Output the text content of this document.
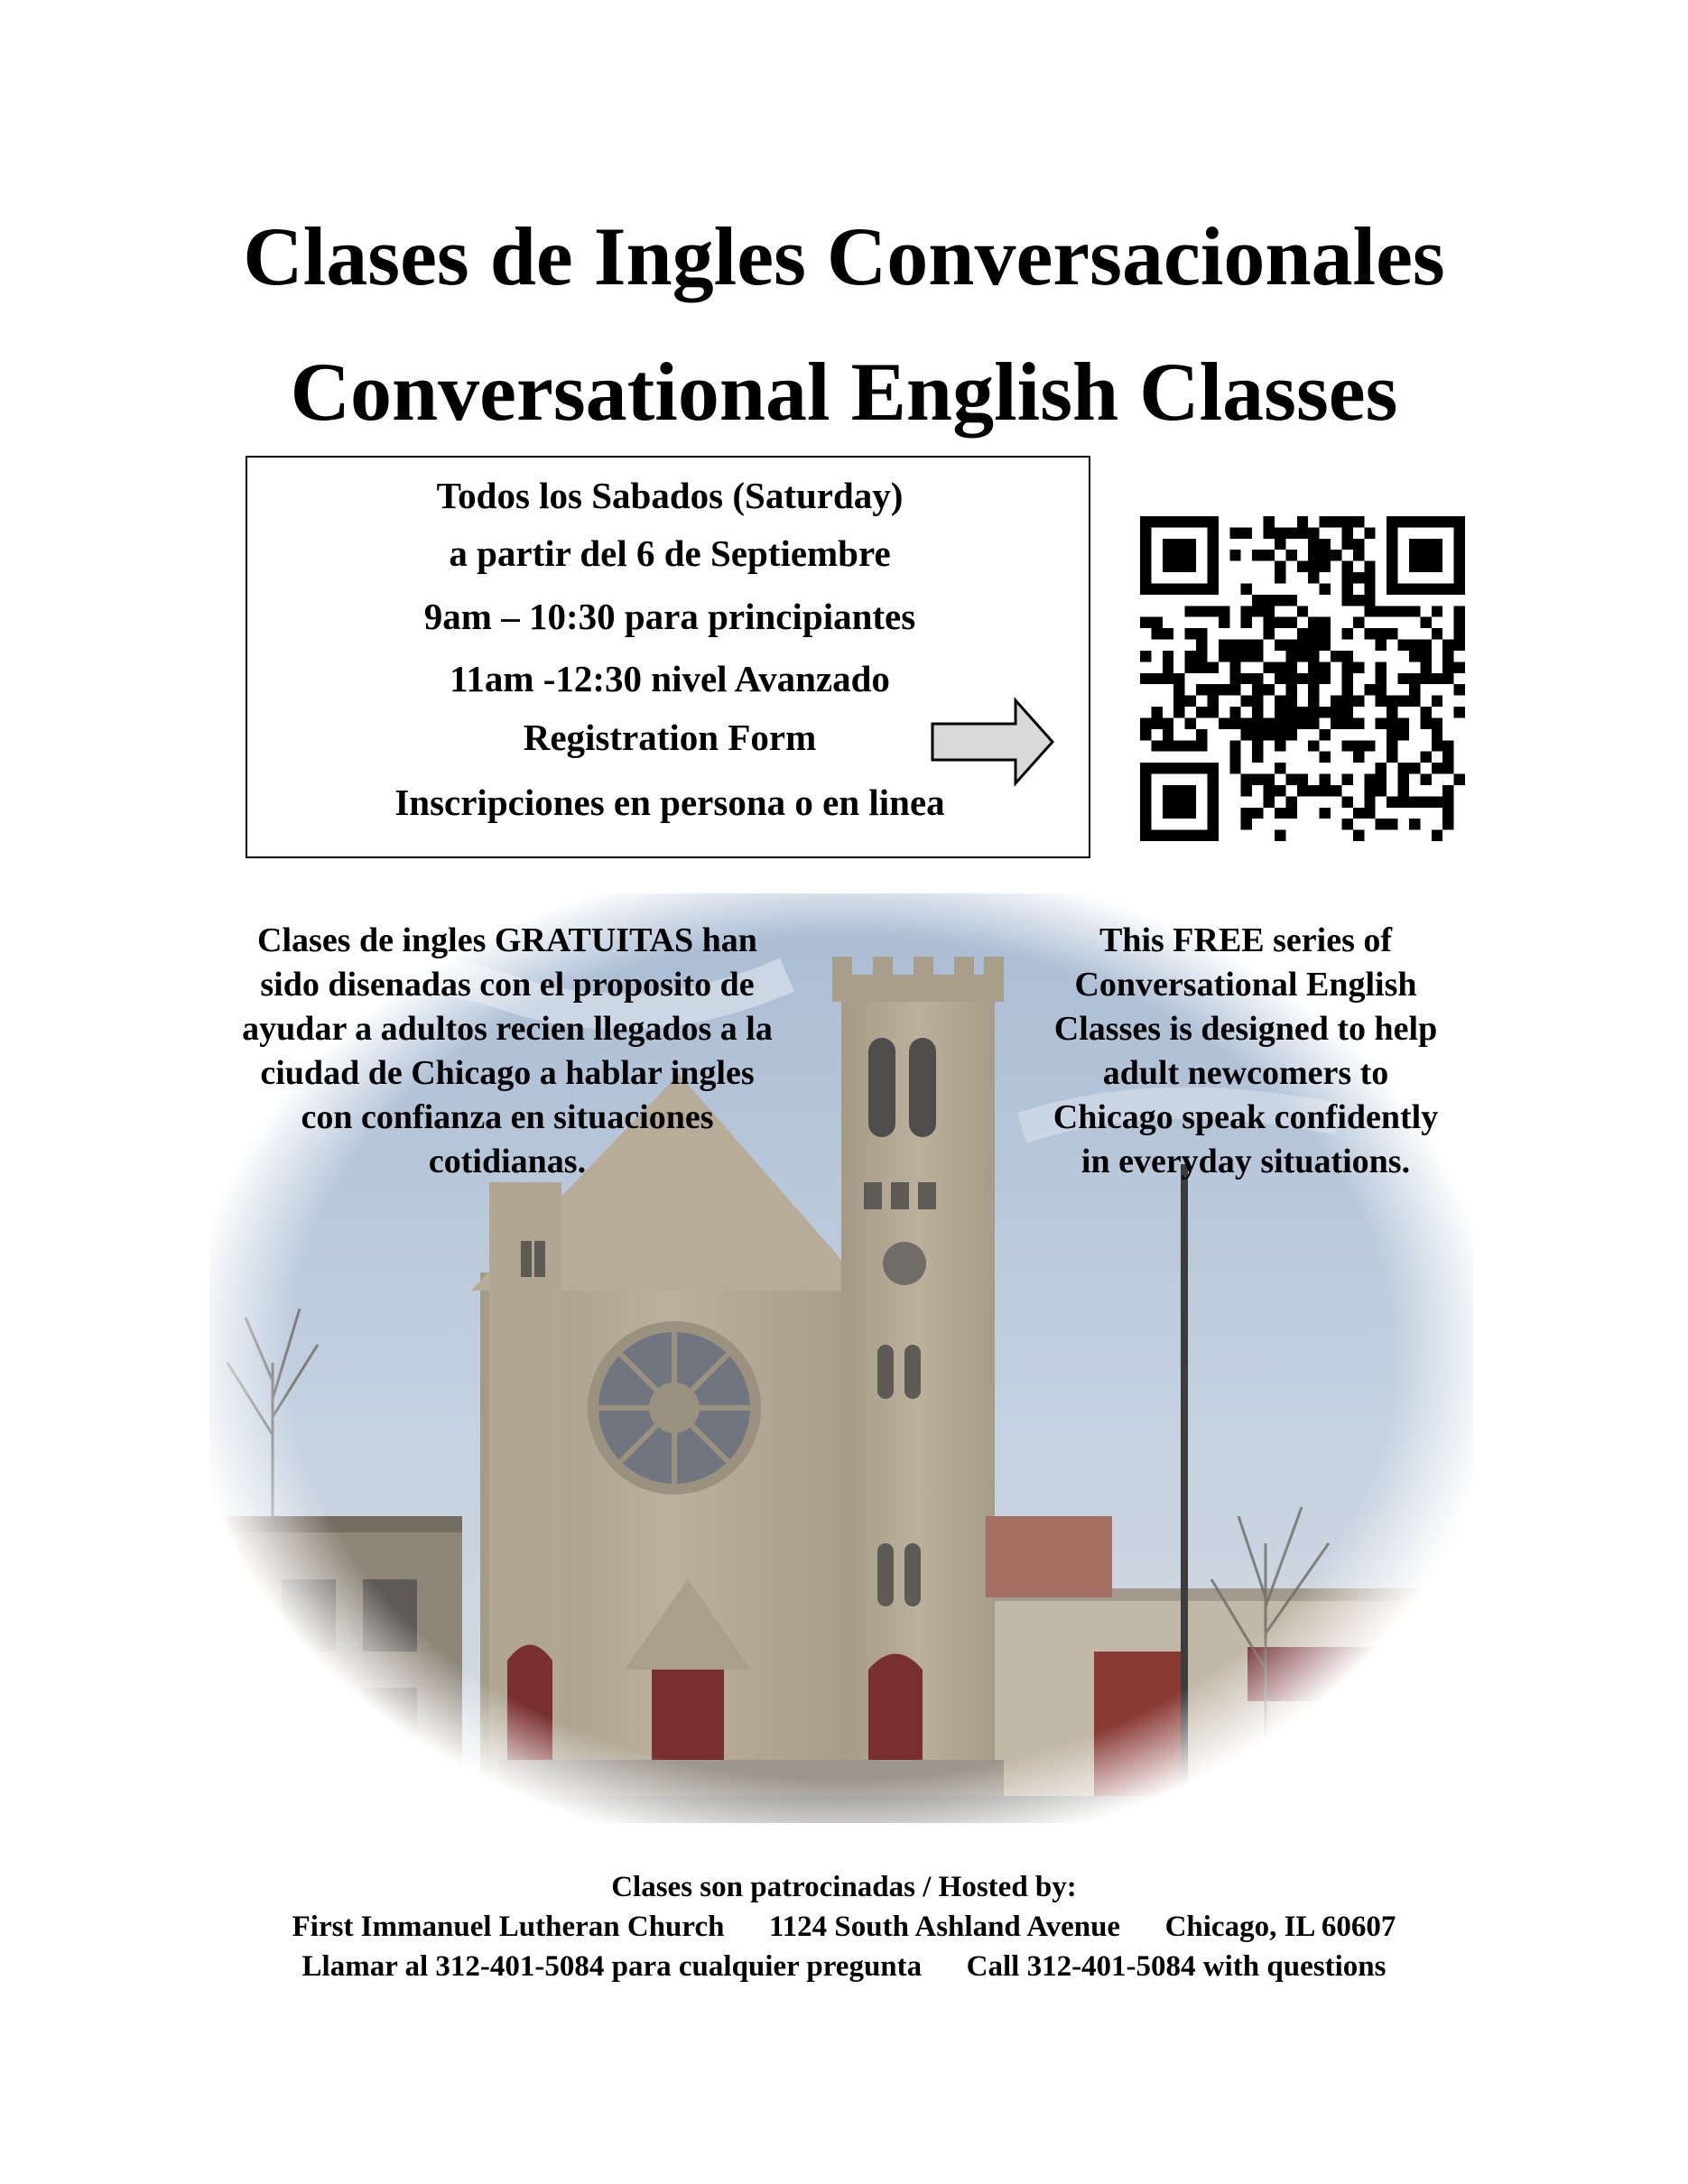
Clases de Ingles Conversacionales
Conversational English Classes
Todos los Sabados (Saturday)
a partir del 6 de Septiembre
9am – 10:30 para principiantes
11am -12:30 nivel Avanzado
Registration Form
Inscripciones en persona o en linea
Clases de ingles GRATUITAS han sido disenadas con el proposito de ayudar a adultos recien llegados a la ciudad de Chicago a hablar ingles con confianza en situaciones cotidianas.
This FREE series of Conversational English Classes is designed to help adult newcomers to Chicago speak confidently in everyday situations.
Clases son patrocinadas / Hosted by:
First Immanuel Lutheran Church      1124 South Ashland Avenue      Chicago, IL 60607
Llamar al 312-401-5084 para cualquier pregunta      Call 312-401-5084 with questions
